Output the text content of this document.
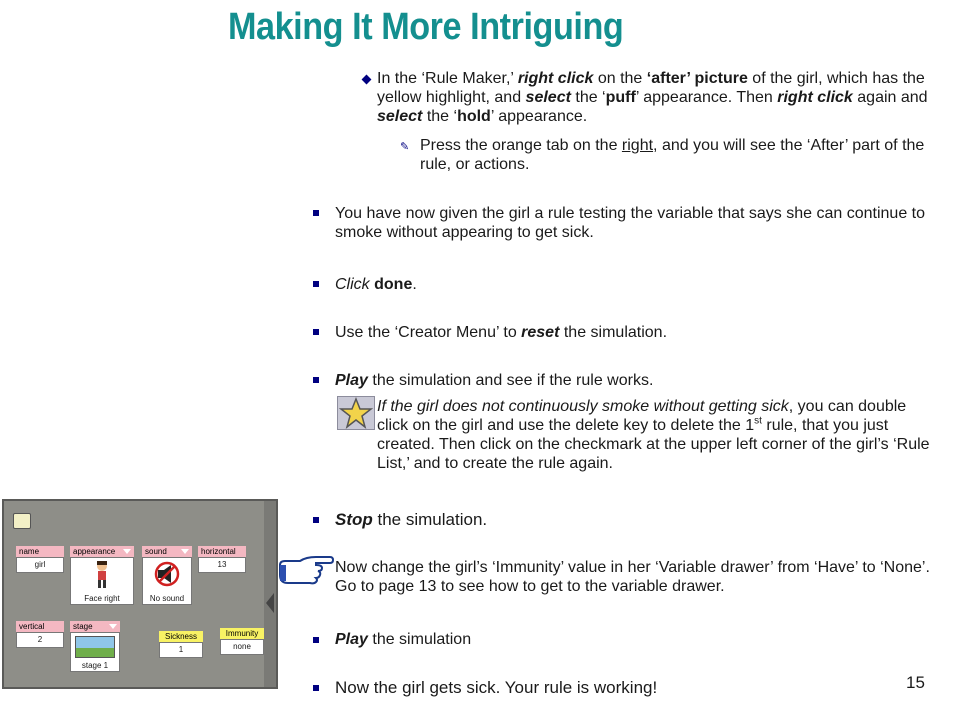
Making It More Intriguing
In the ‘Rule Maker,’ right click on the ‘after’ picture of the girl, which has the yellow highlight, and select the ‘puff’ appearance. Then right click again and select the ‘hold’ appearance.
✎ Press the orange tab on the right, and you will see the ‘After’ part of the rule, or actions.
You have now given the girl a rule testing the variable that says she can continue to smoke without appearing to get sick.
Click done.
Use the ‘Creator Menu’ to reset the simulation.
Play the simulation and see if the rule works.
If the girl does not continuously smoke without getting sick, you can double click on the girl and use the delete key to delete the 1st rule, that you just created. Then click on the checkmark at the upper left corner of the girl’s ‘Rule List,’ and to create the rule again.
Stop the simulation.
Now change the girl’s ‘Immunity’ value in her ‘Variable drawer’ from ‘Have’ to ‘None’. Go to page 13 to see how to get to the variable drawer.
Play the simulation
Now the girl gets sick. Your rule is working!	15
name
girl
appearance
Face right
sound
No sound
horizontal
13
vertical
2
stage
stage 1
Sickness
1
Immunity
none
